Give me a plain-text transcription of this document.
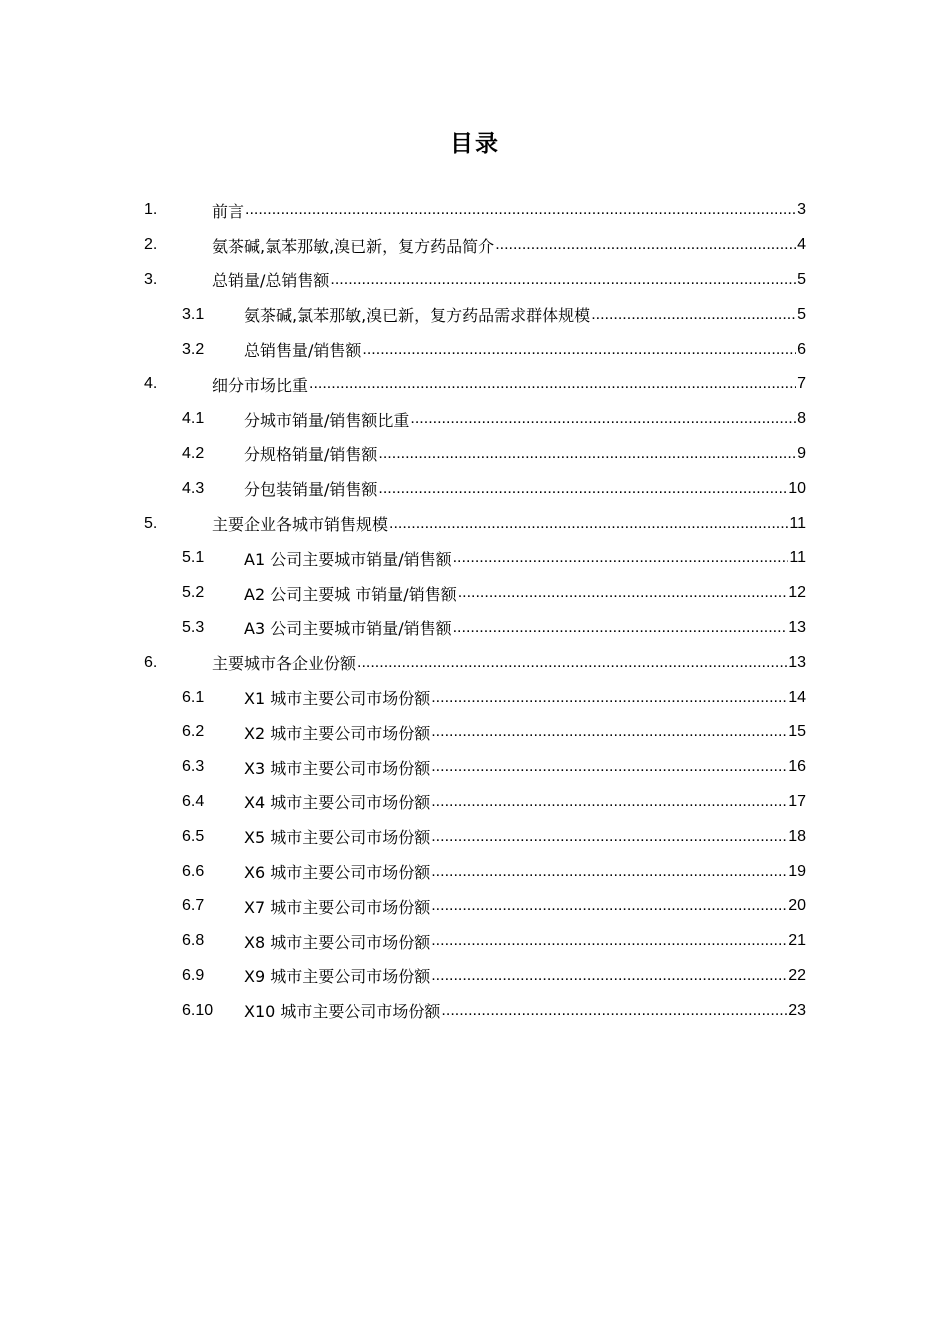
目录
1.	前言 .....	3
2.	氨茶碱,氯苯那敏,溴已新，复方药品简介 .....	4
3.	总销量/总销售额 .....	5
3.1	氨茶碱,氯苯那敏,溴已新，复方药品需求群体规模 .....	5
3.2	总销售量/销售额 .....	6
4.	细分市场比重 .....	7
4.1	分城市销量/销售额比重 .....	8
4.2	分规格销量/销售额 .....	9
4.3	分包装销量/销售额 .....	10
5.	主要企业各城市销售规模 .....	11
5.1	A1 公司主要城市销量/销售额 .....	11
5.2	A2 公司主要城 市销量/销售额 .....	12
5.3	A3 公司主要城市销量/销售额 .....	13
6.	主要城市各企业份额 .....	13
6.1	X1 城市主要公司市场份额 .....	14
6.2	X2 城市主要公司市场份额 .....	15
6.3	X3 城市主要公司市场份额 .....	16
6.4	X4 城市主要公司市场份额 .....	17
6.5	X5 城市主要公司市场份额 .....	18
6.6	X6 城市主要公司市场份额 .....	19
6.7	X7 城市主要公司市场份额 .....	20
6.8	X8 城市主要公司市场份额 .....	21
6.9	X9 城市主要公司市场份额 .....	22
6.10	X10 城市主要公司市场份额 .....	23
